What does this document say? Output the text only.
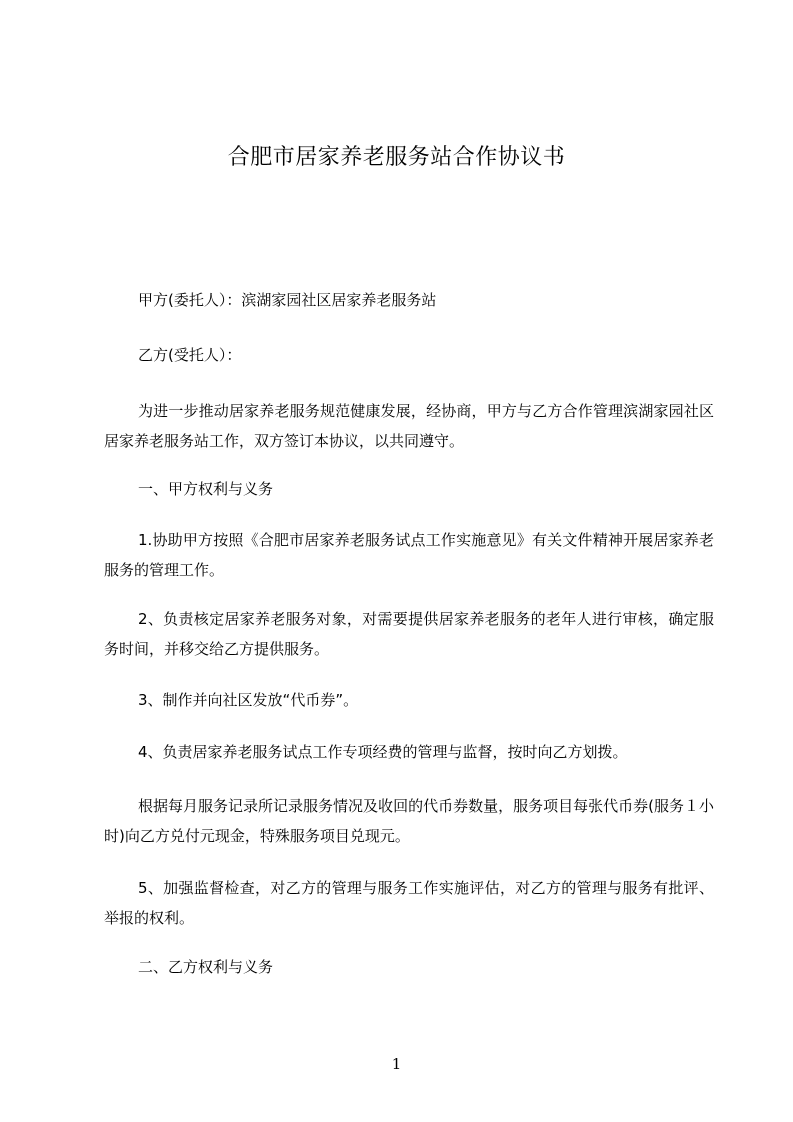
合肥市居家养老服务站合作协议书
甲方(委托人）：滨湖家园社区居家养老服务站
乙方(受托人）：
为进一步推动居家养老服务规范健康发展，经协商，甲方与乙方合作管理滨湖家园社区居家养老服务站工作，双方签订本协议，以共同遵守。
一、甲方权利与义务
1.协助甲方按照《合肥市居家养老服务试点工作实施意见》有关文件精神开展居家养老服务的管理工作。
2、负责核定居家养老服务对象，对需要提供居家养老服务的老年人进行审核，确定服务时间，并移交给乙方提供服务。
3、制作并向社区发放“代币券”。
4、负责居家养老服务试点工作专项经费的管理与监督，按时向乙方划拨。
根据每月服务记录所记录服务情况及收回的代币券数量，服务项目每张代币券(服务１小时)向乙方兑付元现金，特殊服务项目兑现元。
5、加强监督检查，对乙方的管理与服务工作实施评估，对乙方的管理与服务有批评、举报的权利。
二、乙方权利与义务
1
